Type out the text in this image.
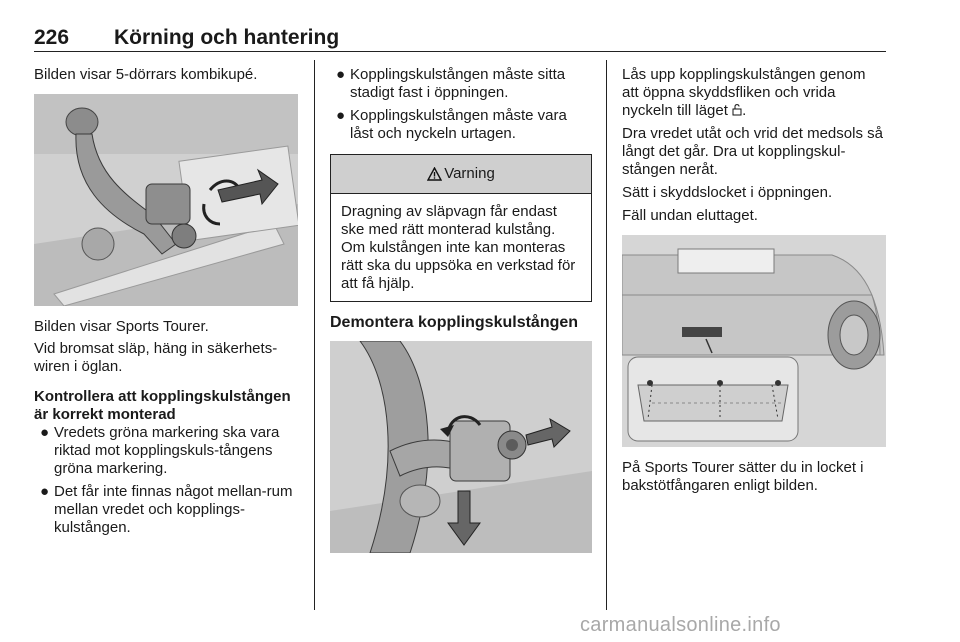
226 Körning och hantering

Bilden visar 5-dörrars kombikupé.

Bilden visar Sports Tourer.

Vid bromsat släp, häng in säkerhets-wiren i öglan.

Kontrollera att kopplingskulstången är korrekt monterad

● Vredets gröna markering ska vara riktad mot kopplingskuls-tångens gröna markering.
● Det får inte finnas något mellan-rum mellan vredet och kopplings-kulstången.
● Kopplingskulstången måste sitta stadigt fast i öppningen.
● Kopplingskulstången måste vara låst och nyckeln urtagen.
Varning
Dragning av släpvagn får endast ske med rätt monterad kulstång. Om kulstången inte kan monteras rätt ska du uppsöka en verkstad för att få hjälp.

Demontera kopplingskulstången

Lås upp kopplingskulstången genom att öppna skyddsfliken och vrida nyckeln till läget .

Dra vredet utåt och vrid det medsols så långt det går. Dra ut kopplingskul-stången neråt.

Sätt i skyddslocket i öppningen.

Fäll undan eluttaget.

På Sports Tourer sätter du in locket i bakstötfångaren enligt bilden.

carmanualsonline.info
